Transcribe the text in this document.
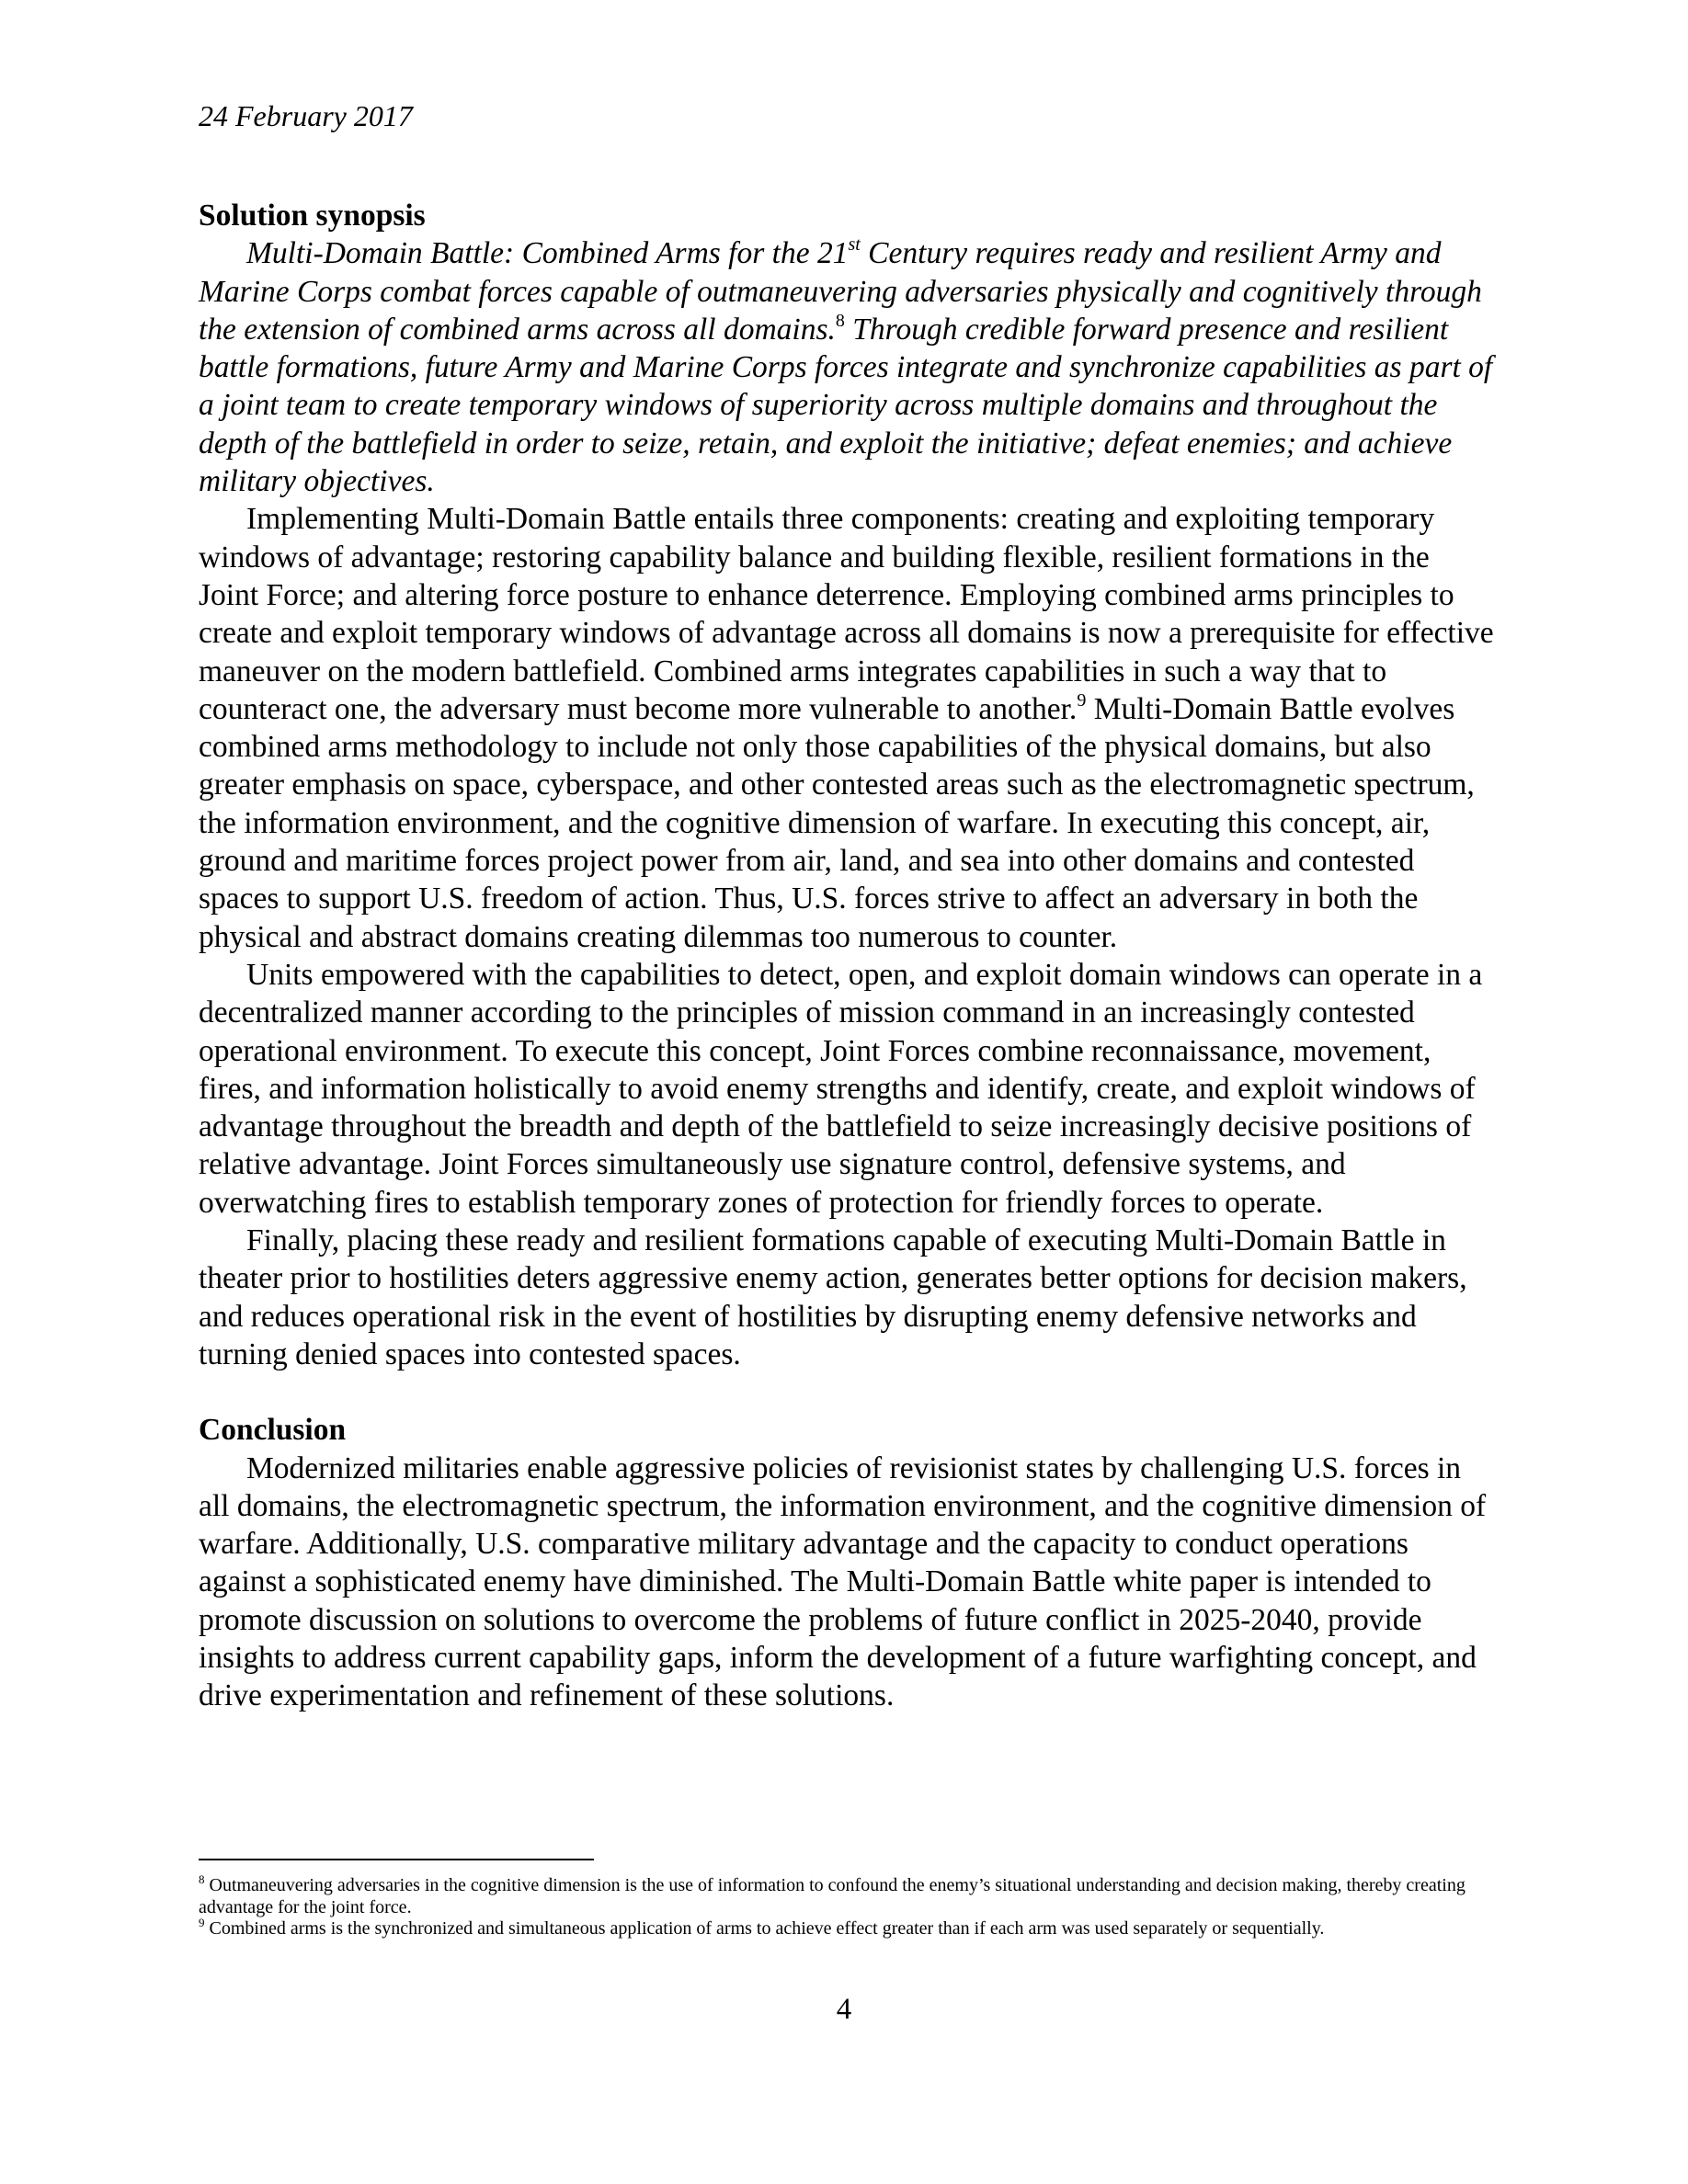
24 February 2017

Solution synopsis

Multi-Domain Battle: Combined Arms for the 21st Century requires ready and resilient Army and Marine Corps combat forces capable of outmaneuvering adversaries physically and cognitively through the extension of combined arms across all domains.$^8$ Through credible forward presence and resilient battle formations, future Army and Marine Corps forces integrate and synchronize capabilities as part of a joint team to create temporary windows of superiority across multiple domains and throughout the depth of the battlefield in order to seize, retain, and exploit the initiative; defeat enemies; and achieve military objectives.

Implementing Multi-Domain Battle entails three components: creating and exploiting temporary windows of advantage; restoring capability balance and building flexible, resilient formations in the Joint Force; and altering force posture to enhance deterrence. Employing combined arms principles to create and exploit temporary windows of advantage across all domains is now a prerequisite for effective maneuver on the modern battlefield. Combined arms integrates capabilities in such a way that to counteract one, the adversary must become more vulnerable to another.$^9$ Multi-Domain Battle evolves combined arms methodology to include not only those capabilities of the physical domains, but also greater emphasis on space, cyberspace, and other contested areas such as the electromagnetic spectrum, the information environment, and the cognitive dimension of warfare. In executing this concept, air, ground and maritime forces project power from air, land, and sea into other domains and contested spaces to support U.S. freedom of action. Thus, U.S. forces strive to affect an adversary in both the physical and abstract domains creating dilemmas too numerous to counter.

Units empowered with the capabilities to detect, open, and exploit domain windows can operate in a decentralized manner according to the principles of mission command in an increasingly contested operational environment. To execute this concept, Joint Forces combine reconnaissance, movement, fires, and information holistically to avoid enemy strengths and identify, create, and exploit windows of advantage throughout the breadth and depth of the battlefield to seize increasingly decisive positions of relative advantage. Joint Forces simultaneously use signature control, defensive systems, and overwatching fires to establish temporary zones of protection for friendly forces to operate.

Finally, placing these ready and resilient formations capable of executing Multi-Domain Battle in theater prior to hostilities deters aggressive enemy action, generates better options for decision makers, and reduces operational risk in the event of hostilities by disrupting enemy defensive networks and turning denied spaces into contested spaces.

Conclusion

Modernized militaries enable aggressive policies of revisionist states by challenging U.S. forces in all domains, the electromagnetic spectrum, the information environment, and the cognitive dimension of warfare. Additionally, U.S. comparative military advantage and the capacity to conduct operations against a sophisticated enemy have diminished. The Multi-Domain Battle white paper is intended to promote discussion on solutions to overcome the problems of future conflict in 2025-2040, provide insights to address current capability gaps, inform the development of a future warfighting concept, and drive experimentation and refinement of these solutions.

$^8$ Outmaneuvering adversaries in the cognitive dimension is the use of information to confound the enemy’s situational understanding and decision making, thereby creating advantage for the joint force.

$^9$ Combined arms is the synchronized and simultaneous application of arms to achieve effect greater than if each arm was used separately or sequentially.

4
